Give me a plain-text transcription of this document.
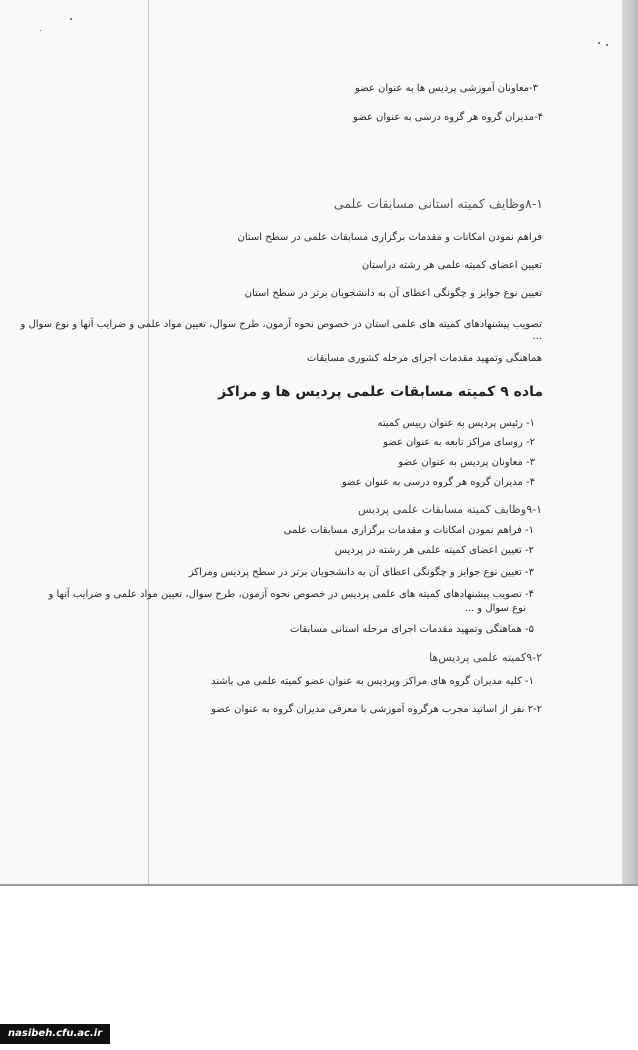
۳-معاونان آموزشی پردیس ها به عنوان عضو
۴-مدیران گروه هر گروه درسی به عنوان عضو
۸-۱وظایف کمیته استانی مسابقات علمی
فراهم نمودن امکانات و مقدمات برگزاری مسابقات علمی در سطح استان
تعیین اعضای کمیته علمی هر رشته دراستان
تعیین نوع جوایز و چگونگی اعطای آن به دانشجویان برتر در سطح استان
تصویب پیشنهادهای کمیته های علمی استان در خصوص نحوه آزمون، طرح سوال، تعیین مواد علمی و ضرایب آنها و نوع سوال و
...
هماهنگی وتمهید مقدمات اجرای مرحله کشوری مسابقات
ماده ۹ کمیته مسابقات علمی پردیس ها و مراکز
۱- رئیس پردیس به عنوان رییس کمیته
۲- روسای مراکز تابعه به عنوان عضو
۳- معاونان پردیس به عنوان عضو
۴- مدیران گروه هر گروه درسی به عنوان عضو
۹-۱وظایف کمیته مسابقات علمی پردیس
۱- فراهم نمودن امکانات و مقدمات برگزاری مسابقات علمی
۲- تعیین اعضای کمیته علمی هر رشته در پردیس
۳- تعیین نوع جوایز و چگونگی اعطای آن به دانشجویان برتر در سطح پردیس ومراکز
۴- تصویب پیشنهادهای کمیته های علمی پردیس در خصوص نحوه آزمون، طرح سوال، تعیین مواد علمی و ضرایب آنها و
نوع سوال و ...
۵- هماهنگی وتمهید مقدمات اجرای مرحله استانی مسابقات
۹-۲کمیته علمی پردیس‌ها
۱- کلیه مدیران گروه های مراکز وپردیس به عنوان عضو کمیته علمی می باشند
۲-۲ نفر از اساتید مجرب هرگروه آموزشی با معرفی مدیران گروه به عنوان عضو
nasibeh.cfu.ac.ir
